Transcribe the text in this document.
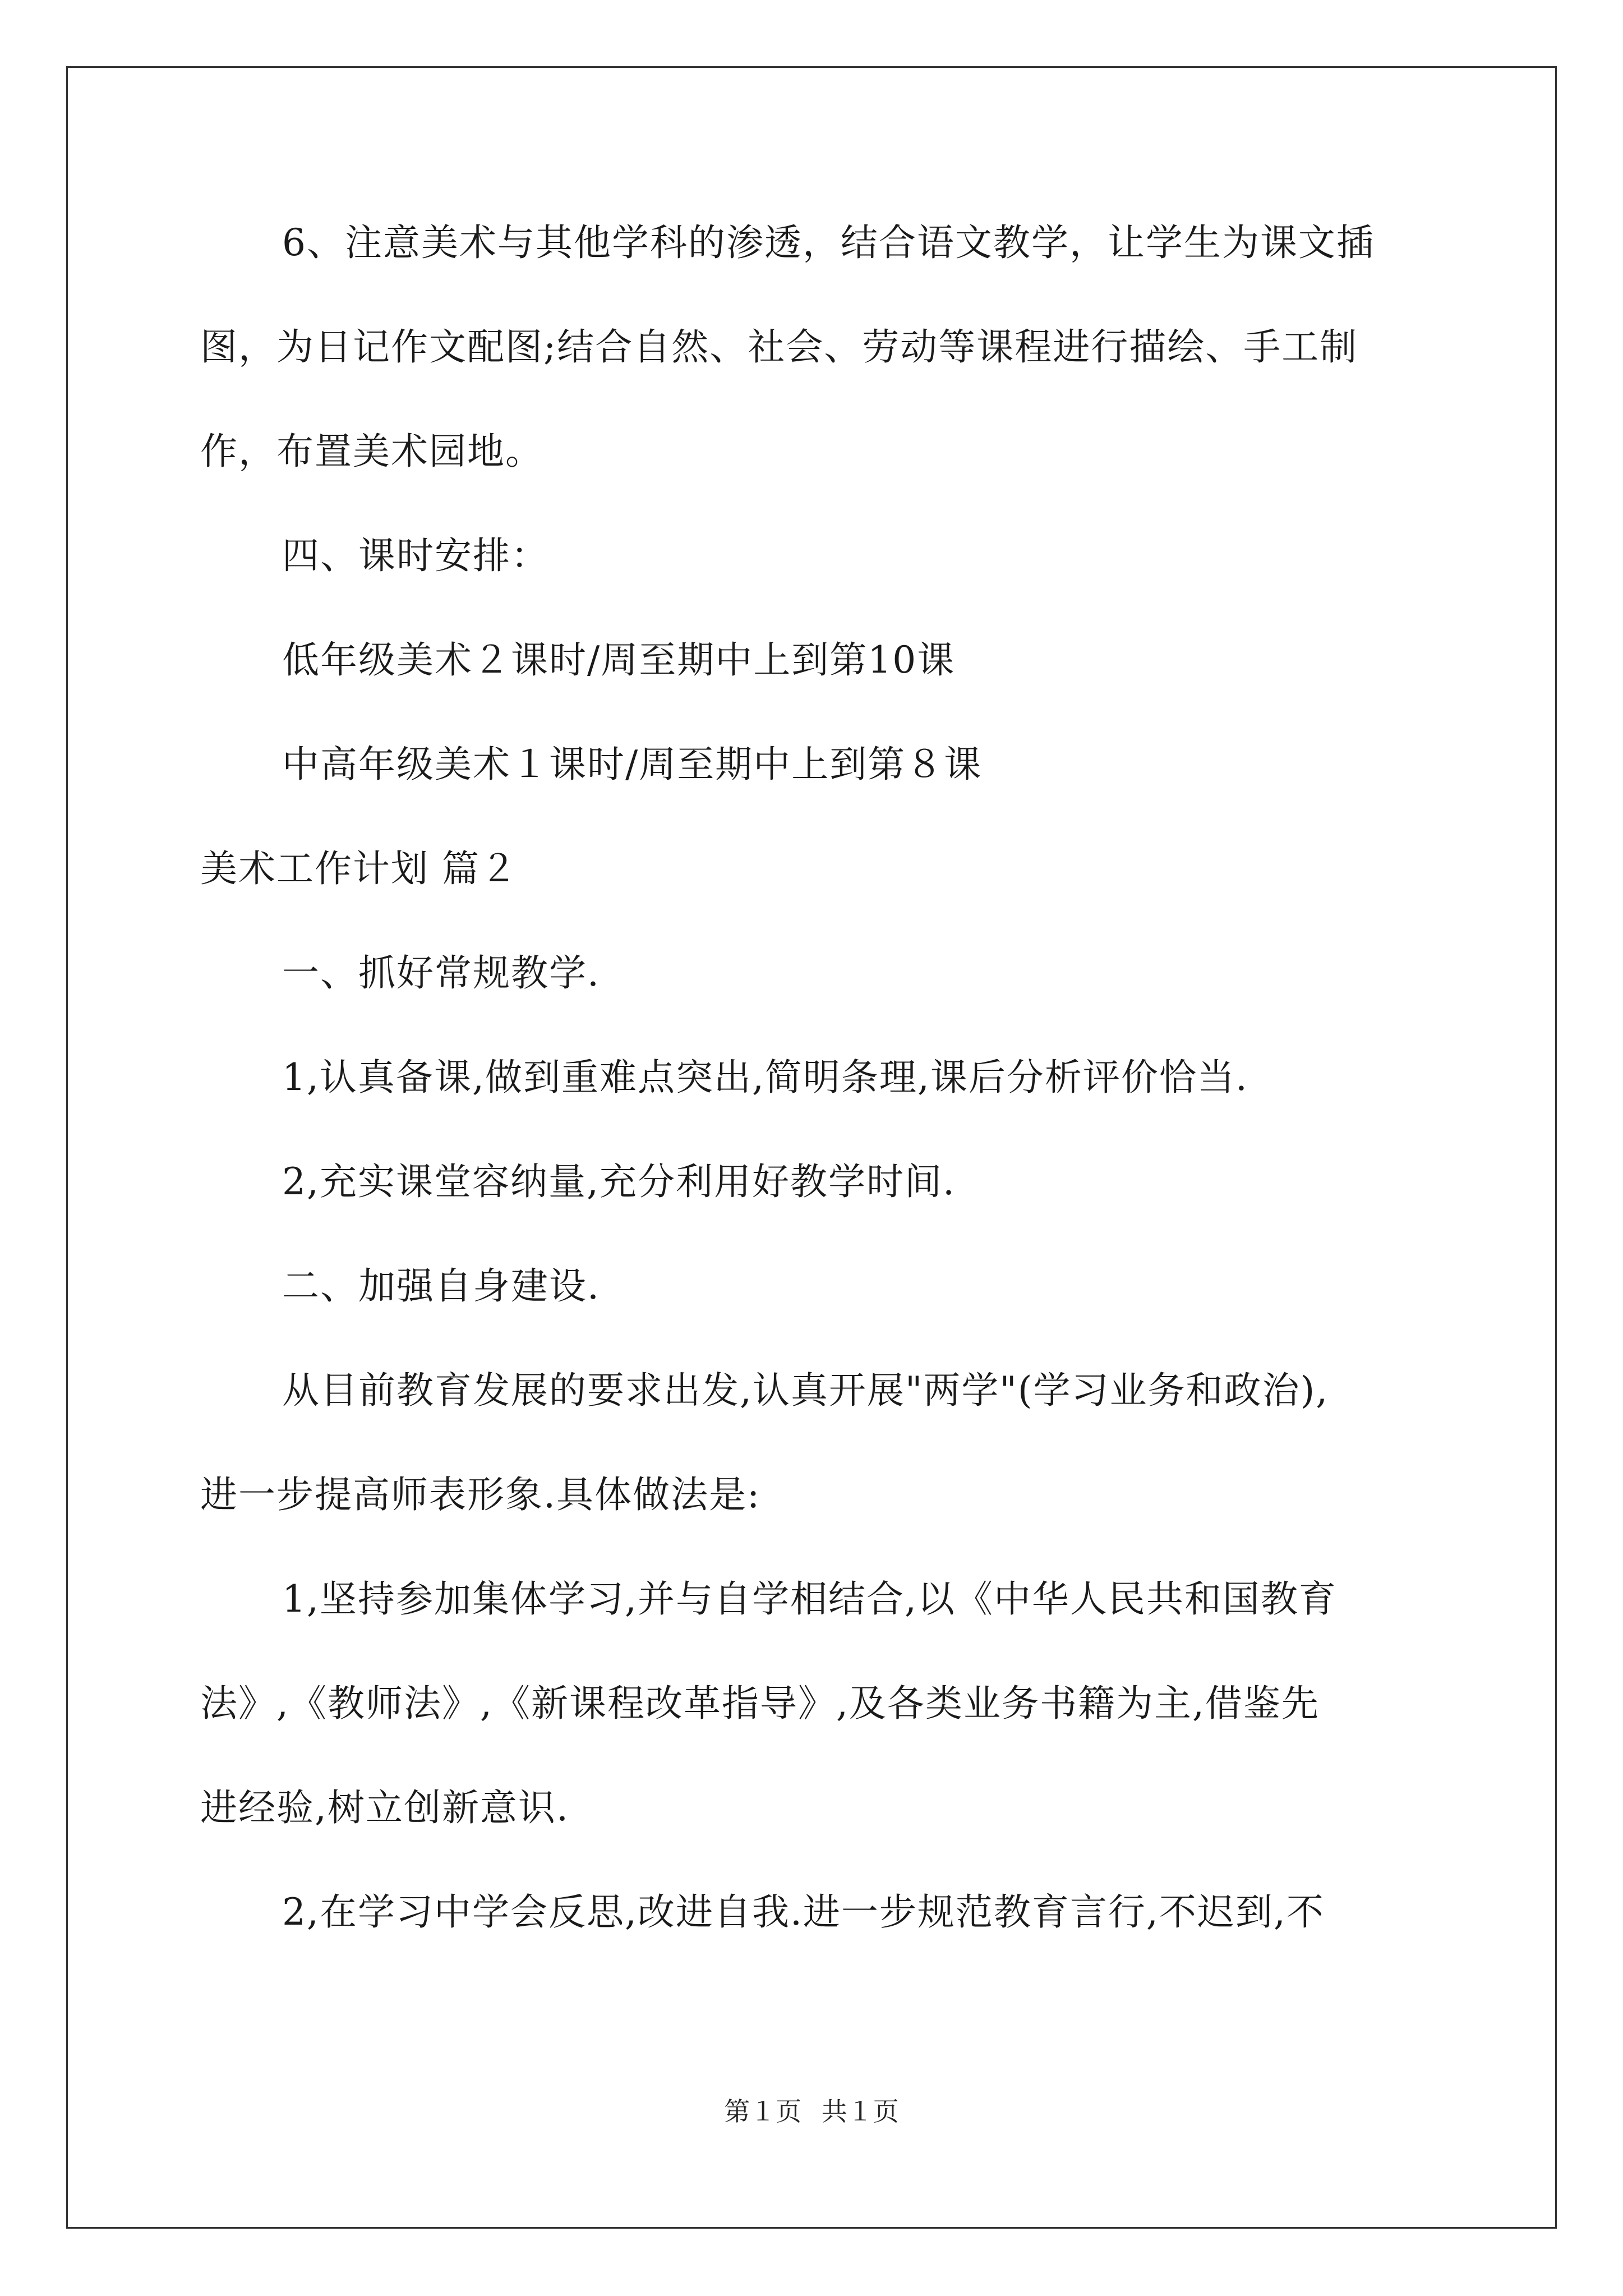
6、注意美术与其他学科的渗透，结合语文教学，让学生为课文插
图，为日记作文配图;结合自然、社会、劳动等课程进行描绘、手工制
作，布置美术园地。
四、课时安排：
低年级美术２课时/周至期中上到第10课
中高年级美术１课时/周至期中上到第８课
美术工作计划 篇２
一、抓好常规教学.
1,认真备课,做到重难点突出,简明条理,课后分析评价恰当.
2,充实课堂容纳量,充分利用好教学时间.
二、加强自身建设.
从目前教育发展的要求出发,认真开展"两学"(学习业务和政治),
进一步提高师表形象.具体做法是:
1,坚持参加集体学习,并与自学相结合,以《中华人民共和国教育
法》,《教师法》,《新课程改革指导》,及各类业务书籍为主,借鉴先
进经验,树立创新意识.
2,在学习中学会反思,改进自我.进一步规范教育言行,不迟到,不
第１页 共１页
